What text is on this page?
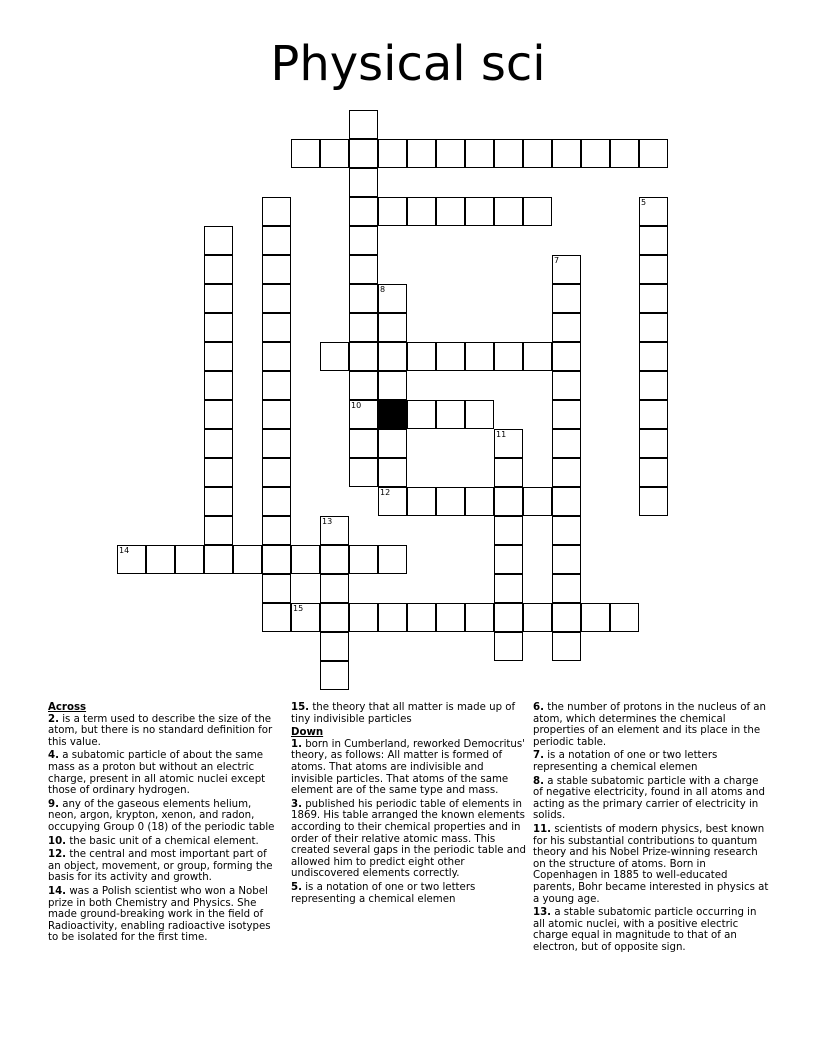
Physical sci
14
15
10
5
7
8
12
11
13

Across

2. is a term used to describe the size of the atom, but there is no standard definition for this value.

4. a subatomic particle of about the same mass as a proton but without an electric charge, present in all atomic nuclei except those of ordinary hydrogen.

9. any of the gaseous elements helium, neon, argon, krypton, xenon, and radon, occupying Group 0 (18) of the periodic table

10. the basic unit of a chemical element.

12. the central and most important part of an object, movement, or group, forming the basis for its activity and growth.

14. was a Polish scientist who won a Nobel prize in both Chemistry and Physics. She made ground-breaking work in the field of Radioactivity, enabling radioactive isotypes to be isolated for the first time.

15. the theory that all matter is made up of tiny indivisible particles

Down

1. born in Cumberland, reworked Democritus' theory, as follows: All matter is formed of atoms. That atoms are indivisible and invisible particles. That atoms of the same element are of the same type and mass.

3. published his periodic table of elements in 1869. His table arranged the known elements according to their chemical properties and in order of their relative atomic mass. This created several gaps in the periodic table and allowed him to predict eight other undiscovered elements correctly.

5. is a notation of one or two letters representing a chemical elemen

6. the number of protons in the nucleus of an atom, which determines the chemical properties of an element and its place in the periodic table.

7. is a notation of one or two letters representing a chemical elemen

8. a stable subatomic particle with a charge of negative electricity, found in all atoms and acting as the primary carrier of electricity in solids.

11. scientists of modern physics, best known for his substantial contributions to quantum theory and his Nobel Prize-winning research on the structure of atoms. Born in Copenhagen in 1885 to well-educated parents, Bohr became interested in physics at a young age.

13. a stable subatomic particle occurring in all atomic nuclei, with a positive electric charge equal in magnitude to that of an electron, but of opposite sign.
